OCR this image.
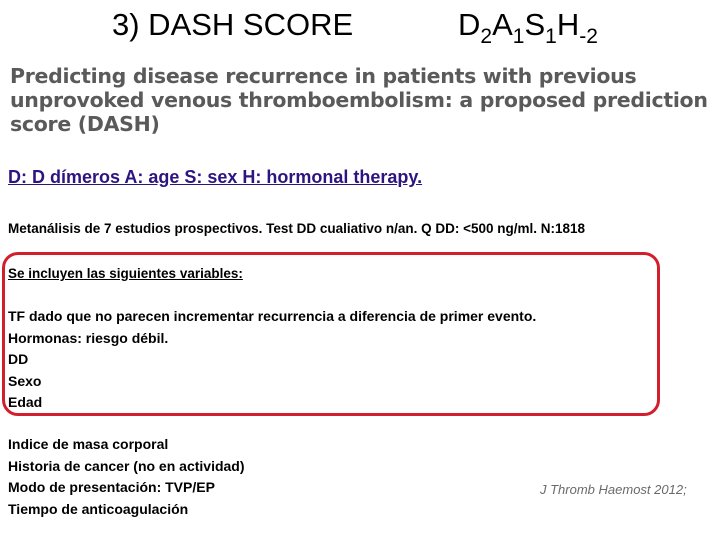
3) DASH SCORE	$D_2A_1S_1H_{-2}$
Predicting disease recurrence in patients with previous unprovoked venous thromboembolism: a proposed prediction score (DASH)
D: D dímeros A: age S: sex H: hormonal therapy.
Metanálisis de 7 estudios prospectivos. Test DD cualiativo n/an. Q DD: <500 ng/ml. N:1818
Se incluyen las siguientes variables:
TF dado que no parecen incrementar recurrencia a diferencia de primer evento.
Hormonas: riesgo débil.
DD
Sexo
Edad
Indice de masa corporal
Historia de cancer (no en actividad)
Modo de presentación: TVP/EP
Tiempo de anticoagulación
J Thromb Haemost 2012;
